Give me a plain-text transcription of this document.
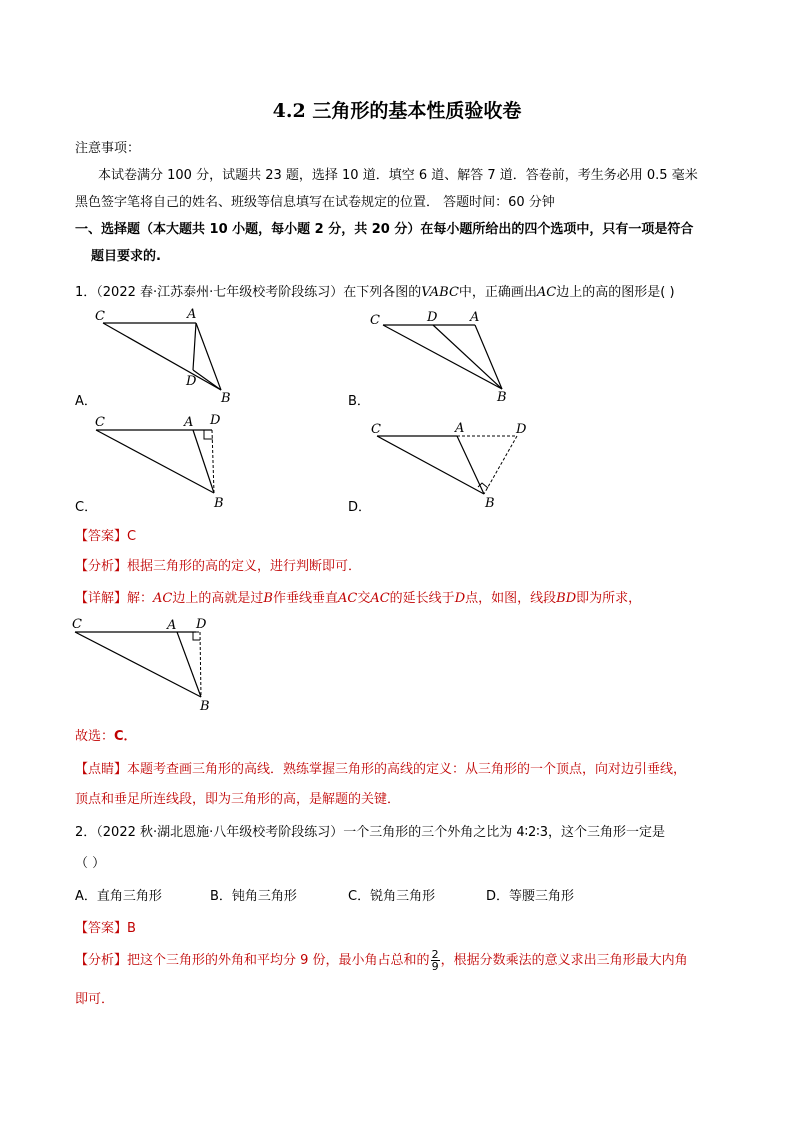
4.2 三角形的基本性质验收卷
注意事项：
本试卷满分 100 分，试题共 23 题，选择 10 道．填空 6 道、解答 7 道．答卷前，考生务必用 0.5 毫米
黑色签字笔将自己的姓名、班级等信息填写在试卷规定的位置． 答题时间：60 分钟
一、选择题（本大题共 10 小题，每小题 2 分，共 20 分）在每小题所给出的四个选项中，只有一项是符合
题目要求的.
1．（2022 春·江苏泰州·七年级校考阶段练习）在下列各图的VABC中，正确画出AC边上的高的图形是( )
C	A
D
B
C	D	A
B
C	A D
B
C	A	D
B
C	A D
B
A．	B．
C．	D．
【答案】C
【分析】根据三角形的高的定义，进行判断即可．
【详解】解：AC边上的高就是过B作垂线垂直AC交AC的延长线于D点，如图，线段BD即为所求，
故选：C．
【点睛】本题考查画三角形的高线．熟练掌握三角形的高线的定义：从三角形的一个顶点，向对边引垂线，
顶点和垂足所连线段，即为三角形的高，是解题的关键．
2．（2022 秋·湖北恩施·八年级校考阶段练习）一个三角形的三个外角之比为 4∶2∶3，这个三角形一定是
（ ）
A．直角三角形	B．钝角三角形	C．锐角三角形	D．等腰三角形
【答案】B
【分析】把这个三角形的外角和平均分 9 份，最小角占总和的 $\frac{2}{9}$ ，根据分数乘法的意义求出三角形最大内角
即可．
